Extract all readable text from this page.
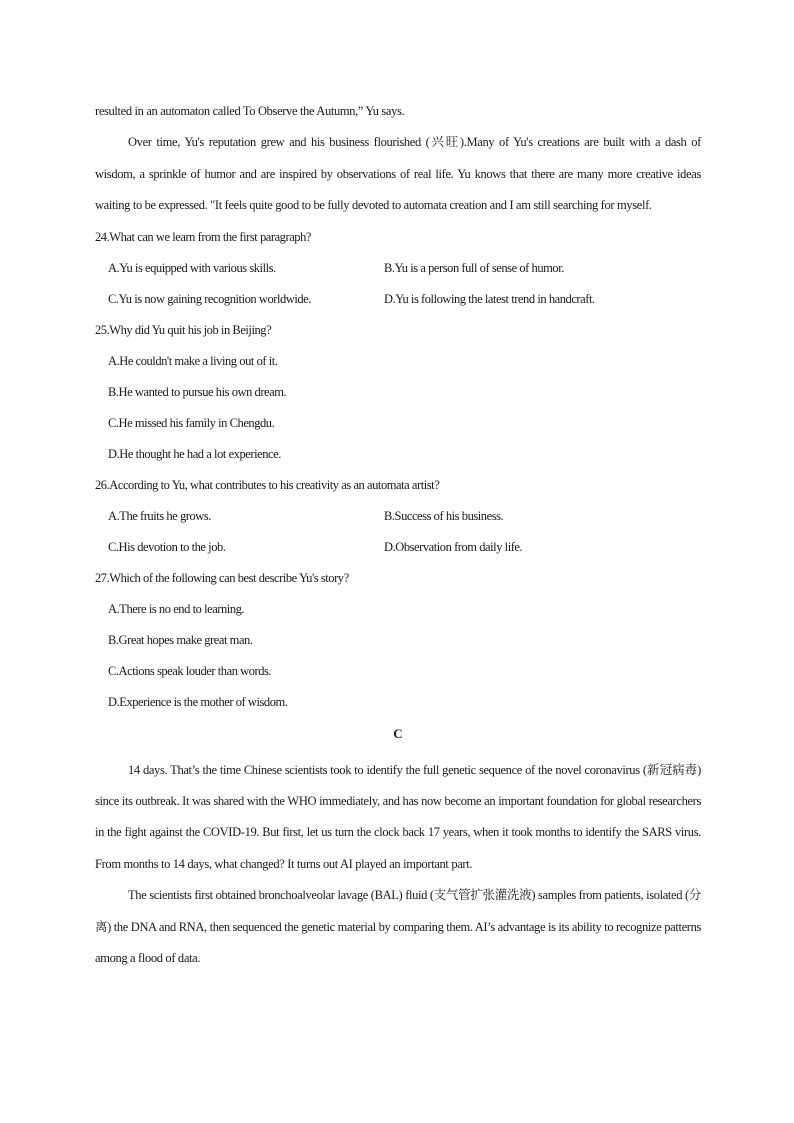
resulted in an automaton called To Observe the Autumn,” Yu says.

Over time, Yu's reputation grew and his business flourished (兴旺).Many of Yu's creations are built with a dash of wisdom, a sprinkle of humor and are inspired by observations of real life. Yu knows that there are many more creative ideas waiting to be expressed. "It feels quite good to be fully devoted to automata creation and I am still searching for myself.

24.What can we learn from the first paragraph?

A.Yu is equipped with various skills.	B.Yu is a person full of sense of humor.

C.Yu is now gaining recognition worldwide.	D.Yu is following the latest trend in handcraft.

25.Why did Yu quit his job in Beijing?

A.He couldn't make a living out of it.

B.He wanted to pursue his own dream.

C.He missed his family in Chengdu.

D.He thought he had a lot experience.

26.According to Yu, what contributes to his creativity as an automata artist?

A.The fruits he grows.	B.Success of his business.

C.His devotion to the job.	D.Observation from daily life.

27.Which of the following can best describe Yu's story?

A.There is no end to learning.

B.Great hopes make great man.

C.Actions speak louder than words.

D.Experience is the mother of wisdom.

C

14 days. That’s the time Chinese scientists took to identify the full genetic sequence of the novel coronavirus (新冠病毒) since its outbreak. It was shared with the WHO immediately, and has now become an important foundation for global researchers in the fight against the COVID-19. But first, let us turn the clock back 17 years, when it took months to identify the SARS virus. From months to 14 days, what changed? It turns out AI played an important part.

The scientists first obtained bronchoalveolar lavage (BAL) fluid (支气管扩张灌洗液) samples from patients, isolated (分离) the DNA and RNA, then sequenced the genetic material by comparing them. AI’s advantage is its ability to recognize patterns among a flood of data.
